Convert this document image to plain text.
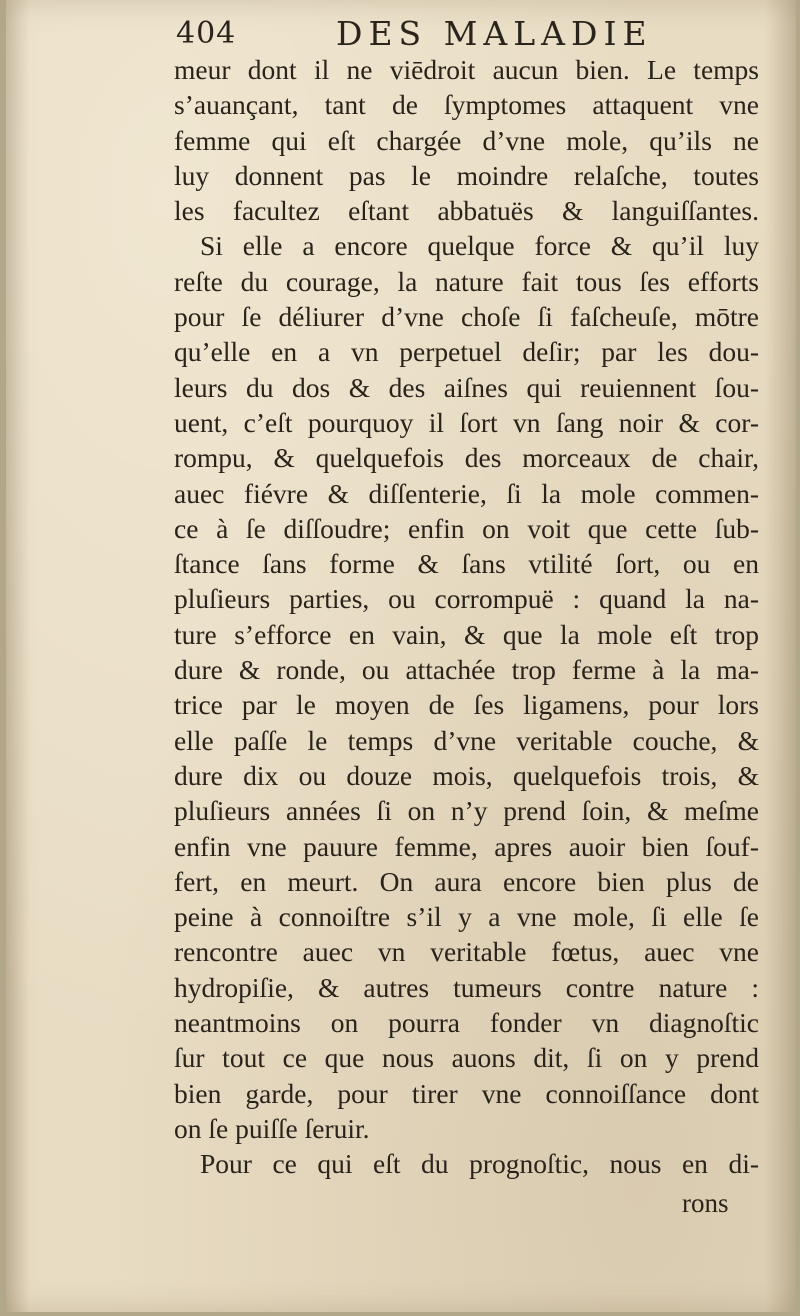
404	DES MALADIE
meur dont il ne viēdroit aucun bien. Le temps
s’auançant, tant de ſymptomes attaquent vne
femme qui eſt chargée d’vne mole, qu’ils ne
luy donnent pas le moindre relaſche, toutes
les facultez eſtant abbatuës & languiſſantes.
Si elle a encore quelque force & qu’il luy
reſte du courage, la nature fait tous ſes efforts
pour ſe déliurer d’vne choſe ſi faſcheuſe, mōtre
qu’elle en a vn perpetuel deſir; par les dou-
leurs du dos & des aiſnes qui reuiennent ſou-
uent, c’eſt pourquoy il ſort vn ſang noir & cor-
rompu, & quelquefois des morceaux de chair,
auec fiévre & diſſenterie, ſi la mole commen-
ce à ſe diſſoudre; enfin on voit que cette ſub-
ſtance ſans forme & ſans vtilité ſort, ou en
pluſieurs parties, ou corrompuë : quand la na-
ture s’efforce en vain, & que la mole eſt trop
dure & ronde, ou attachée trop ferme à la ma-
trice par le moyen de ſes ligamens, pour lors
elle paſſe le temps d’vne veritable couche, &
dure dix ou douze mois, quelquefois trois, &
pluſieurs années ſi on n’y prend ſoin, & meſme
enfin vne pauure femme, apres auoir bien ſouf-
fert, en meurt. On aura encore bien plus de
peine à connoiſtre s’il y a vne mole, ſi elle ſe
rencontre auec vn veritable fœtus, auec vne
hydropiſie, & autres tumeurs contre nature :
neantmoins on pourra fonder vn diagnoſtic
ſur tout ce que nous auons dit, ſi on y prend
bien garde, pour tirer vne connoiſſance dont
on ſe puiſſe ſeruir.
Pour ce qui eſt du prognoſtic, nous en di-
rons
